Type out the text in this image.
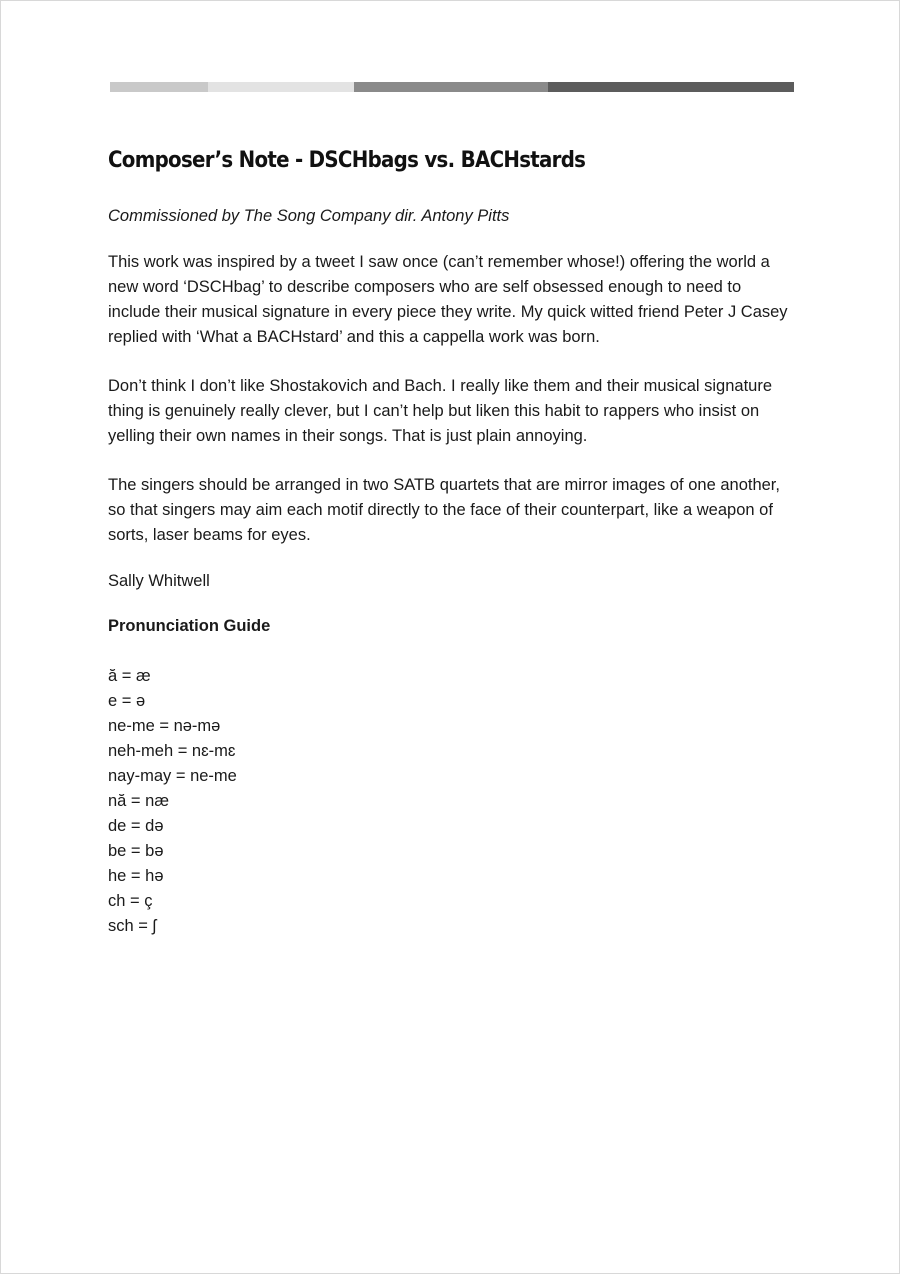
Composer’s Note - DSCHbags vs. BACHstards

Commissioned by The Song Company dir. Antony Pitts

This work was inspired by a tweet I saw once (can’t remember whose!) offering the world a new word ‘DSCHbag’ to describe composers who are self obsessed enough to need to include their musical signature in every piece they write. My quick witted friend Peter J Casey replied with ‘What a BACHstard’ and this a cappella work was born.

Don’t think I don’t like Shostakovich and Bach. I really like them and their musical signature thing is genuinely really clever, but I can’t help but liken this habit to rappers who insist on yelling their own names in their songs. That is just plain annoying.

The singers should be arranged in two SATB quartets that are mirror images of one another, so that singers may aim each motif directly to the face of their counterpart, like a weapon of sorts, laser beams for eyes.

Sally Whitwell

Pronunciation Guide

ă = æ
e = ə
ne-me = nə-mə
neh-meh = nɛ-mɛ
nay-may = ne-me
nă = næ
de = də
be = bə
he = hə
ch = ç
sch = ʃ
